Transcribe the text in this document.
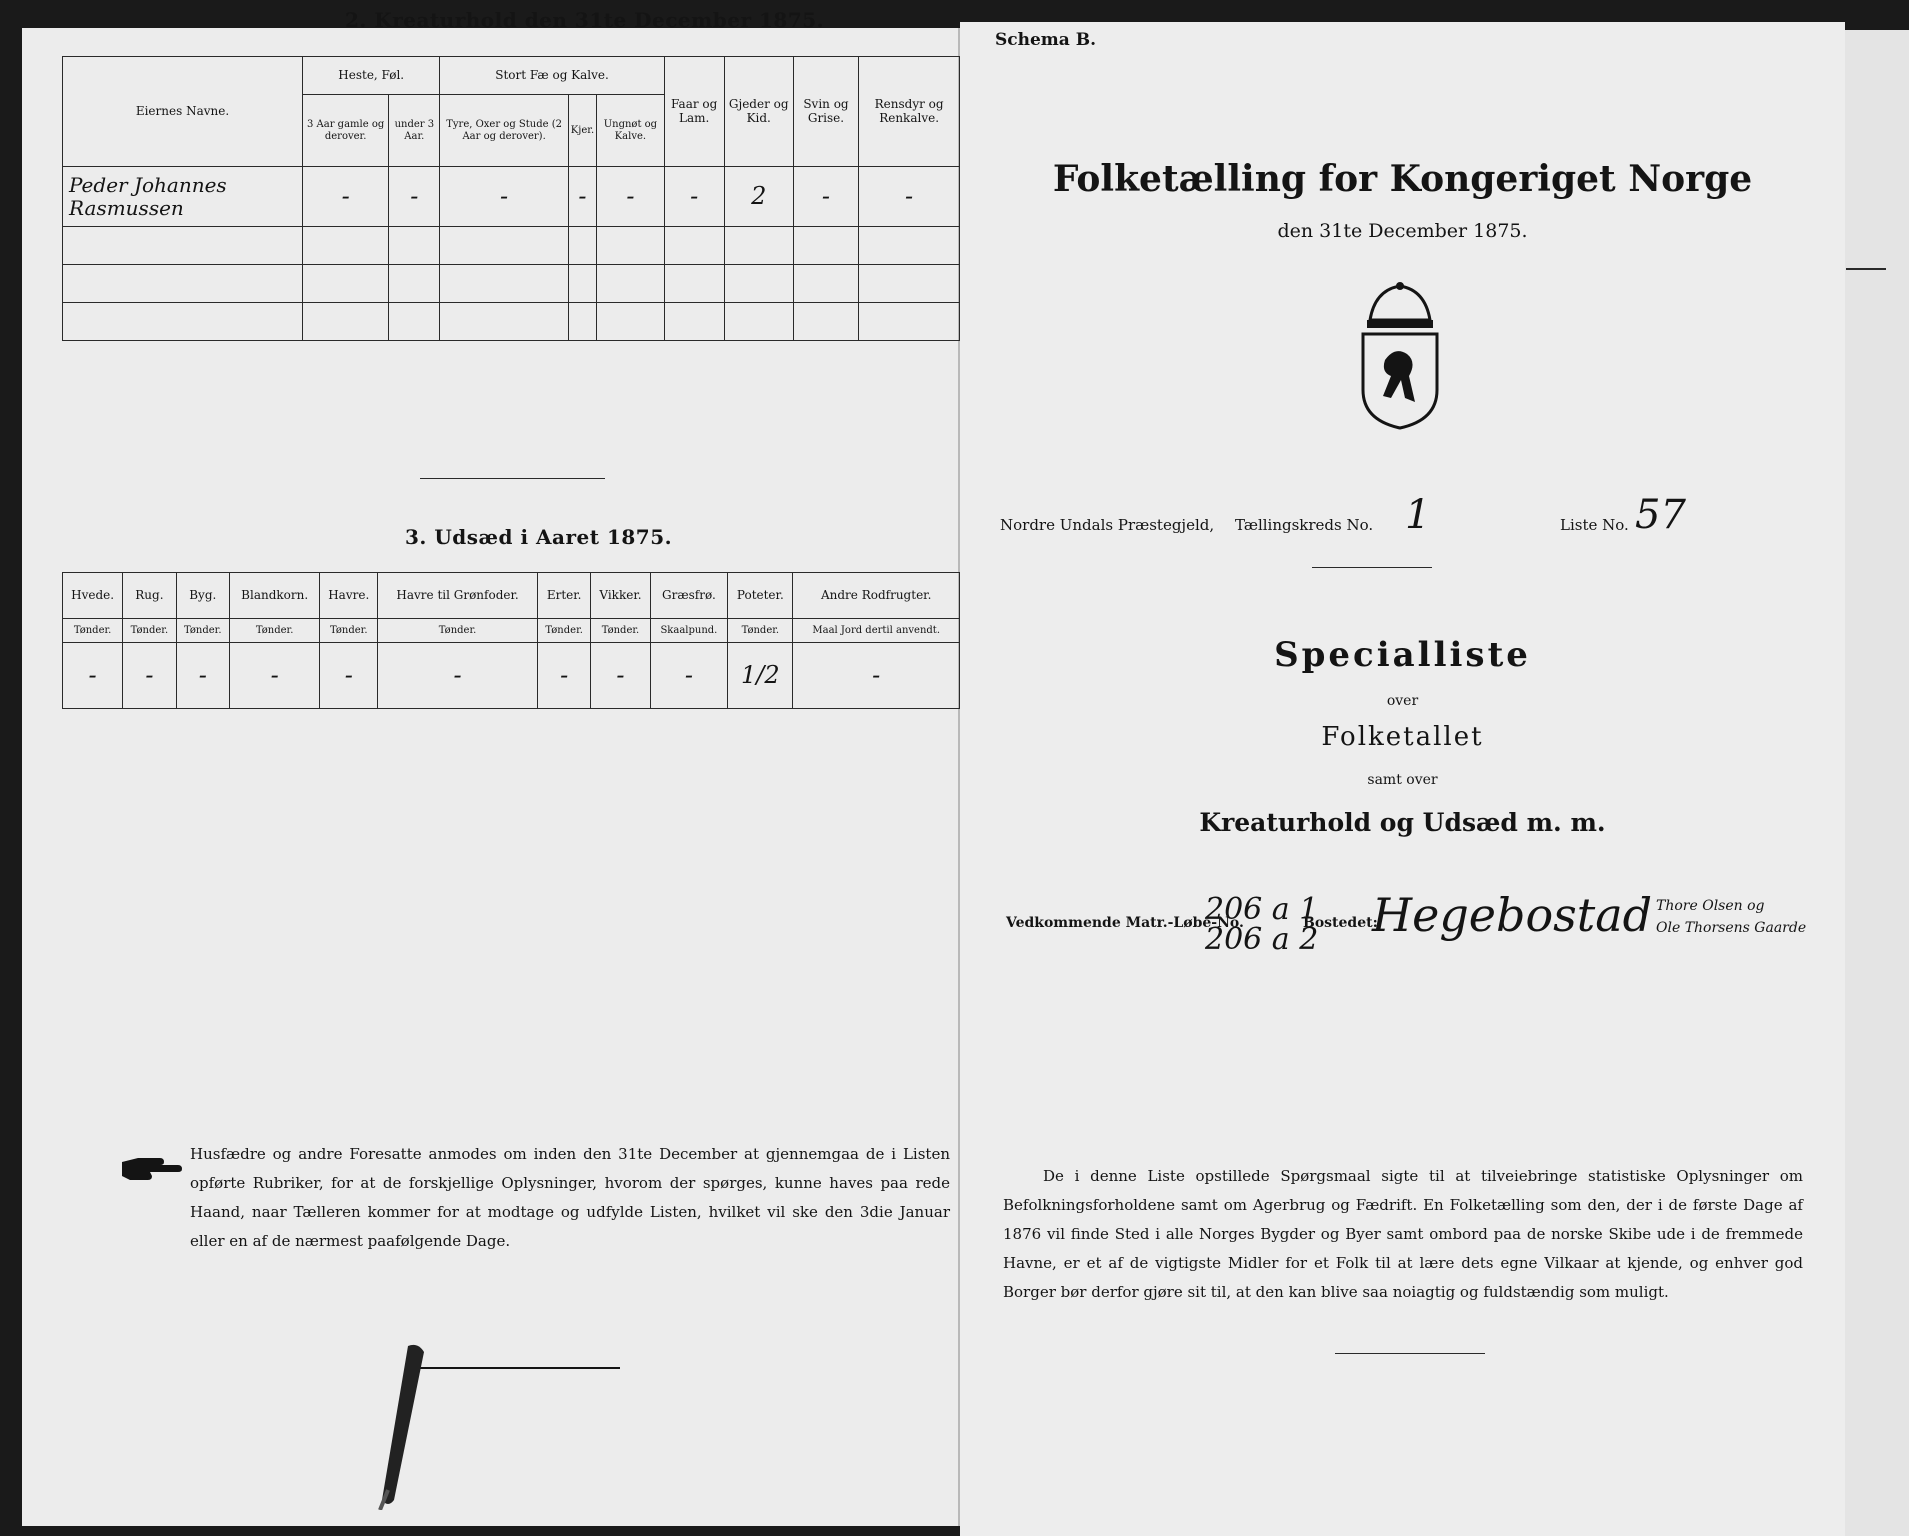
2. Kreaturhold den 31te December 1875.
Eiernes Navne.	Heste, Føl.		Stort Fæ og Kalve.			Faar og Lam.	Gjeder og Kid.	Svin og Grise.	Rensdyr og Renkalve.
	3 Aar gamle og derover.	under 3 Aar.	Tyre, Oxer og Stude (2 Aar og derover).	Kjer.	Ungnøt og Kalve.				
Peder Johannes Rasmussen	-	-	-	-	-	-	2	-	-

3. Udsæd i Aaret 1875.
Hvede.	Rug.	Byg.	Blandkorn.	Havre.	Havre til Grønfoder.	Erter.	Vikker.	Græsfrø.	Poteter.	Andre Rodfrugter.
Tønder.	Tønder.	Tønder.	Tønder.	Tønder.	Tønder.	Tønder.	Tønder.	Skaalpund.	Tønder.	Maal Jord dertil anvendt.
-	-	-	-	-	-	-	-	-	1/2	-
Husfædre og andre Foresatte anmodes om inden den 31te December at gjennemgaa de i Listen opførte Rubriker, for at de forskjellige Oplysninger, hvorom der spørges, kunne haves paa rede Haand, naar Tælleren kommer for at modtage og udfylde Listen, hvilket vil ske den 3die Januar eller en af de nærmest paafølgende Dage.
Schema B.
Folketælling for Kongeriget Norge
den 31te December 1875.
Nordre Undals Præstegjeld, Tællingskreds No. 1	Liste No. 57
Specialliste
over
Folketallet
samt over
Kreaturhold og Udsæd m. m.
Vedkommende Matr.-Løbe-No.
206 a 1
206 a 2
Bostedet:
Hegebostad Thore Olsen og
Ole Thorsens Gaarde
De i denne Liste opstillede Spørgsmaal sigte til at tilveiebringe statistiske Oplysninger om Befolkningsforholdene samt om Agerbrug og Fædrift. En Folketælling som den, der i de første Dage af 1876 vil finde Sted i alle Norges Bygder og Byer samt ombord paa de norske Skibe ude i de fremmede Havne, er et af de vigtigste Midler for et Folk til at lære dets egne Vilkaar at kjende, og enhver god Borger bør derfor gjøre sit til, at den kan blive saa noiagtig og fuldstændig som muligt.
